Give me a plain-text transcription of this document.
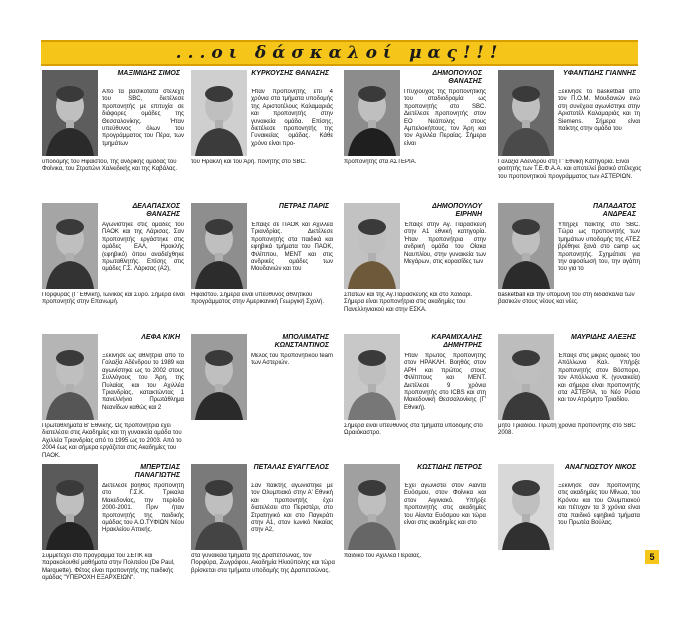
...οι δάσκαλοί μας!!!
ΜΑΞΙΜΙΔΗΣ ΣΙΜΟΣ
Από τα βασικότατα στελέχη του SBC, διετέλεσε προπονητής με επιτυχία σε διάφορες ομάδες της Θεσσαλονίκης. Ήταν υπεύθυνος όλων του προγράμματος του Πέρα, των τμημάτων
υποδομής του Ηφαίστου, της ανδρικής ομάδας του Φοίνικα, του Στρατώνι Χαλκιδικής και της Καβάλας.
ΚΥΡΚΟΥΣΗΣ ΘΑΝΑΣΗΣ
Ήταν προπονητής επί 4 χρόνια στα τμήματα υποδομής της Αριστοτέλους Καλαμαριάς και προπονητής στην γυναικεία ομάδα. Επίσης, διετέλεσε προπονητής της Γυναικείας ομάδας. Κάθε χρόνο είναι προ-
του Ηρακλή και του Άρη. πονητής στο SBC.
ΔΗΜΟΠΟΥΛΟΣ ΘΑΝΑΣΗΣ
Πτυχιούχος της προπονητικής του σταδιοδρομία ως προπονητής στο SBC. Διετέλεσε προπονητής στον ΕΟ Νεάπολης στους Αμπελοκήπους, τον Άρη και τον Αχιλλέα Περαίας. Σήμερα είναι
προπονητής στα ΑΣΤΕΡΙΑ.
ΥΦΑΝΤΙΔΗΣ ΓΙΑΝΝΗΣ
Ξεκίνησε το basketball από τον Π.Ο.Μ. Μουδανιών ενώ στη συνέχεια αγωνίστηκε στην Αριστοτέλ Καλαμαριάς και τη Siemens. Σήμερα είναι παίκτης στην ομάδα του
Γαλαξία Αδένδρου στη Γ' Εθνική Κατηγορία. Είναι φοιτητής των Τ.Ε.Φ.Α.Α. και αποτελεί βασικό στέλεχος του προπονητικού προγράμματος των ΑΣΤΕΡΙΩΝ.
ΔΕΛΑΠΑΣΧΟΣ ΘΑΝΑΣΗΣ
Αγωνίστηκε στις ομάδες του ΠΑΟΚ και της Λάρισας. Σαν προπονητής εργάστηκε στις ομάδες ΕΑΛ, Ηρακλής (εφηβικό) όπου αναδείχθηκε πρωταθλητής. Επίσης στις ομάδες Γ.Σ. Λάρισας (Α2),
Πορφύρας (Γ' Εθνική), Ιωνικός και Σύρο. Σήμερα είναι προπονητής στην Επανωμή.
ΠΕΤΡΑΣ ΠΑΡΙΣ
Έπαιξε σε ΠΑΟΚ και Αχιλλέα Τριανδρίας. Διετέλεσε προπονητής στα παιδικά και εφηβικά τμήματα του ΠΑΟΚ, Φιλίππου, ΜΕΝΤ και στις ανδρικές ομάδες των Μουδανιών και του
Ηφαίστου. Σήμερα είναι υπεύθυνος αθλητικού προγράμματος στην Αμερικανική Γεωργική Σχολή.
ΔΗΜΟΠΟΥΛΟΥ ΕΙΡΗΝΗ
Έπαιξε στην Αγ. Παρασκευή στην Α1 εθνική κατηγορία. Ήταν προπονήτρια στην ανδρική ομάδα του Οίακα Ναυπλίου, στην γυναικεία των Μεγάρων, στις κορασίδες των
Σπάτων και της Αγ.Παρασκευής και στο Χαϊδάρι. Σήμερα είναι προπονήτρια στις ακαδημίες του Πανελληνιακού και στην ΕΣΚΑ.
ΠΑΠΑΔΑΤΟΣ ΑΝΔΡΕΑΣ
Υπήρξε παίκτης στο SBC. Τώρα ως προπονητής των τμημάτων υποδομής της ΑΤΕΖ βρέθηκε ξανά στο camp ως προπονητής. Σχημάτισε για την αφοσίωσή του, την αγάπη του για το
basketball και την υπομονή του στη διδασκαλία των βασικών στους νέους και νέες.
ΛΕΦΑ ΚΙΚΗ
Ξεκίνησε ως αθλήτρια από το Γαλαξία Αδένδρου το 1989 και αγωνίστηκε ως το 2002 στους Συλλόγους του Άρη, της Πυλαίας και του Αχιλλέα Τριανδρίας, κατακτώντας 1 πανελλήνιο Πρωτάθλημα Νεανίδων καθώς και 2
Πρωταθλήματα Β' Εθνικής. Ως προπονήτρια έχει διατελέσει στις Ακαδημίες και τη γυναικεία ομάδα του Αχιλλέα Τριανδρίας από το 1995 ως το 2003. Από το 2004 έως και σήμερα εργάζεται στις Ακαδημίες του ΠΑΟΚ.
ΜΠΟΛΙΜΑΤΗΣ ΚΩΝΣΤΑΝΤΙΝΟΣ
Μέλος του προπονητικού team των Αστεριών.
ΚΑΡΑΜΙΧΑΛΗΣ ΔΗΜΗΤΡΗΣ
Ήταν πρώτος προπονητής στον ΗΡΑΚΛΗ. Βοηθός στον ΑΡΗ και πρώτος στους Φιλίππους και ΜΕΝΤ. Διετέλεσε 9 χρόνια προπονητής στο ICBS και στη Μακεδονική Θεσσαλονίκης (Γ' Εθνική).
Σήμερα είναι υπεύθυνος στα τμήματα υποδομής στο Ωραιόκαστρο.
ΜΑΥΡΙΔΗΣ ΑΛΕΞΗΣ
Έπαιξε στις μικρές ομάδες του Απόλλωνα Καλ. Υπήρξε προπονητής στον Βόσπορο, τον Απόλλωνα Κ. (γυναικεία) και σήμερα είναι προπονητής στα ΑΣΤΕΡΙΑ, το Νέο Ρύσιο και τον Ατρόμητο Τριαδίου.
μητο Τριαδίου. Πρώτη χρονιά προπονητής στο SBC 2008.
ΜΠΕΡΤΣΙΑΣ ΠΑΝΑΓΙΩΤΗΣ
Διετέλεσε βοηθός προπονητή στο Γ.Σ.Κ. Τρικαλα Μακεδονίας, την περίοδο 2000-2001. Πριν ήταν προπονητής της παιδικής ομάδας του Α.Ο.ΤΥΦΙΩΝ Νέου Ηρακλείου Αττικής.
Συμμετέχει στο πρόγραμμα του ΣΕΠΚ και παρακολουθεί μαθήματα στην Πολιτείου (De Paul, Marquette). Φέτος είναι προπονητής της παιδικής ομάδας "ΥΠΕΡΟΧΗ ΕΞΑΡΧΕΙΩΝ".
ΠΕΤΑΛΑΣ ΕΥΑΓΓΕΛΟΣ
Σαν παίκτης αγωνίστηκε με τον Ολυμπιακό στην Α' Εθνική και προπονητής έχει διατελέσει στο Περιστέρι, στο Στρατηγικό και στο Παγκράτι στην Α1, στον Ιωνικό Νικαίας στην Α2,
στα γυναικεία τμήματα της Δραπετσώνας, τον Πορφύρα, Ζωγράφου, Ακαδημία Ηλιούπολης και τώρα βρίσκεται στα τμήματα υποδομής της Δραπετσώνας.
ΚΩΣΤΙΔΗΣ ΠΕΤΡΟΣ
Έχει αγωνιστεί στον Αίαντα Ευόσμου, στον Φοίνικα και στον Αιγινιακό. Υπήρξε προπονητής στις ακαδημίες του Αίαντα Ευόσμου και τώρα είναι στις ακαδημίες και στο
παιδικό του Αχιλλέα Περαίας.
ΑΝΑΓΝΩΣΤΟΥ ΝΙΚΟΣ
Ξεκίνησε σαν προπονητής στις ακαδημίες του Μίνωα, του Κρόνου και του Ολυμπιακού και πέτυχαν τα 3 χρόνια είναι στα παιδικό εφηβικά τμήματα του Πρωτέα Βούλας.
5
